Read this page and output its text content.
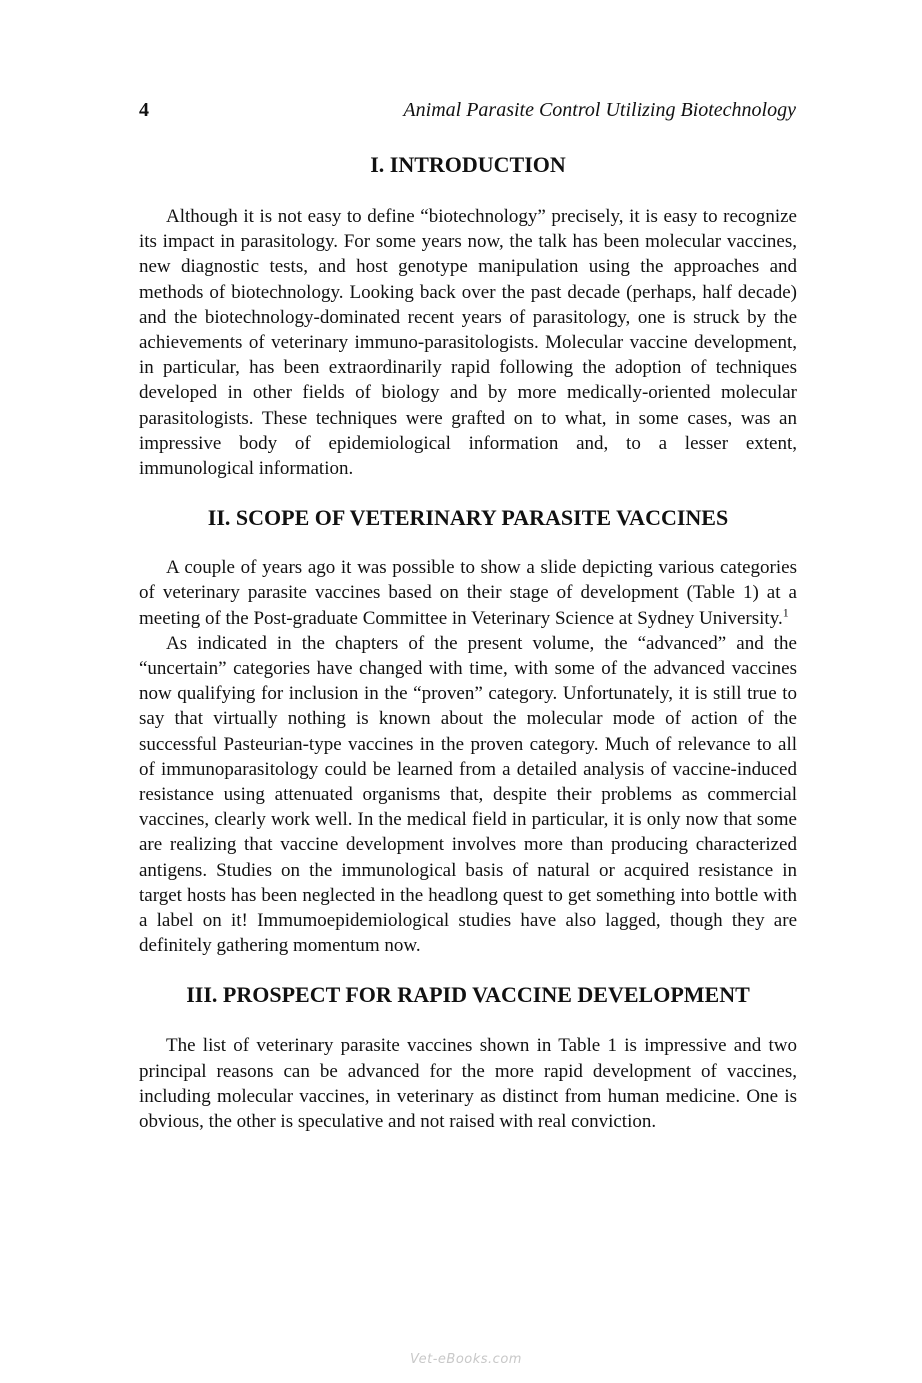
4	Animal Parasite Control Utilizing Biotechnology
I. INTRODUCTION

Although it is not easy to define “biotechnology” precisely, it is easy to recognize its impact in parasitology. For some years now, the talk has been molecular vaccines, new diagnostic tests, and host genotype manipulation using the approaches and methods of biotechnology. Looking back over the past decade (perhaps, half decade) and the biotechnology-dominated recent years of parasitology, one is struck by the achievements of veterinary immuno-parasitologists. Molecular vaccine development, in particular, has been extraordinarily rapid following the adoption of techniques developed in other fields of biology and by more medically-oriented molecular parasitologists. These techniques were grafted on to what, in some cases, was an impressive body of epidemiological information and, to a lesser extent, immunological information.

II. SCOPE OF VETERINARY PARASITE VACCINES

A couple of years ago it was possible to show a slide depicting various categories of veterinary parasite vaccines based on their stage of development (Table 1) at a meeting of the Post-graduate Committee in Veterinary Science at Sydney University.$^1$

As indicated in the chapters of the present volume, the “advanced” and the “uncertain” categories have changed with time, with some of the advanced vaccines now qualifying for inclusion in the “proven” category. Unfortunately, it is still true to say that virtually nothing is known about the molecular mode of action of the successful Pasteurian-type vaccines in the proven category. Much of relevance to all of immunoparasitology could be learned from a detailed analysis of vaccine-induced resistance using attenuated organisms that, despite their problems as commercial vaccines, clearly work well. In the medical field in particular, it is only now that some are realizing that vaccine development involves more than producing characterized antigens. Studies on the immunological basis of natural or acquired resistance in target hosts has been neglected in the headlong quest to get something into bottle with a label on it! Immumoepidemiological studies have also lagged, though they are definitely gathering momentum now.

III. PROSPECT FOR RAPID VACCINE DEVELOPMENT

The list of veterinary parasite vaccines shown in Table 1 is impressive and two principal reasons can be advanced for the more rapid development of vaccines, including molecular vaccines, in veterinary as distinct from human medicine. One is obvious, the other is speculative and not raised with real conviction.

Vet-eBooks.com
